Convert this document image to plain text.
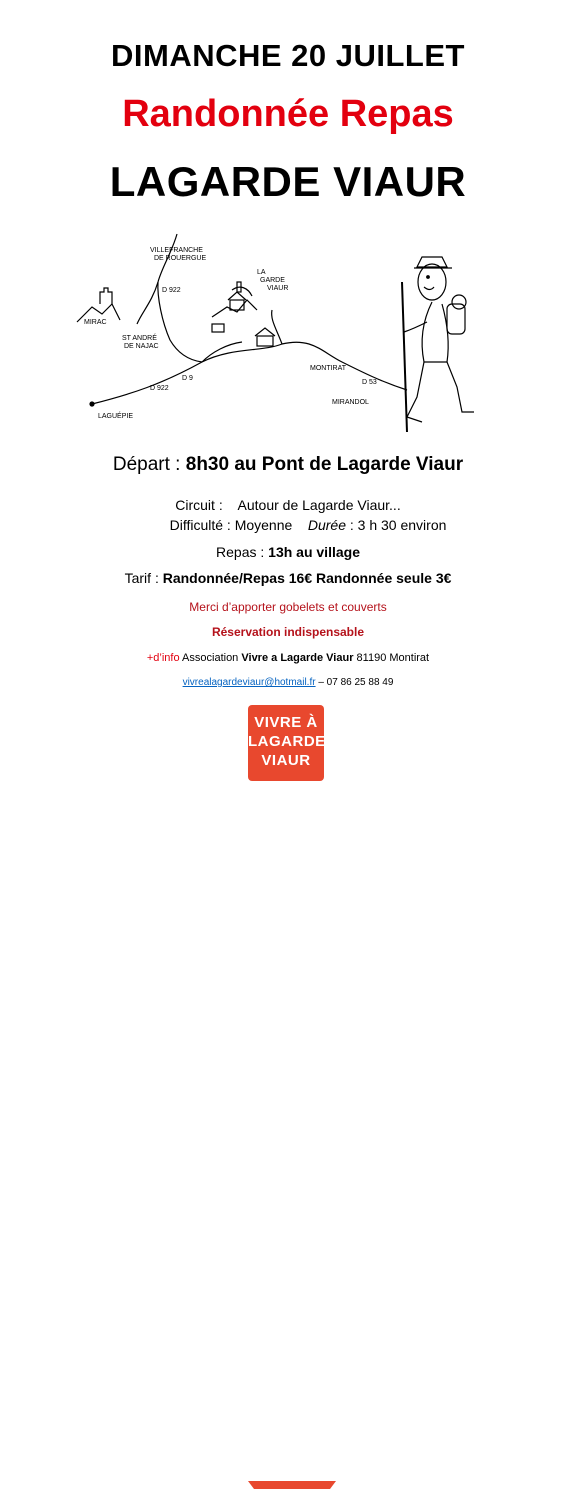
DIMANCHE 20 JUILLET
Randonnée Repas
LAGARDE VIAUR
VILLEFRANCHE
DE ROUERGUE
D 922
LA
GARDE
VIAUR
MIRAC
ST ANDRÉ
DE NAJAC
MONTIRAT
D 9
D 922
D 53
MIRANDOL
LAGUÉPIE
Départ : 8h30 au Pont de Lagarde Viaur
Circuit : Autour de Lagarde Viaur...
Difficulté : Moyenne Durée : 3 h 30 environ
Repas : 13h au village
Tarif : Randonnée/Repas 16€ Randonnée seule 3€
Merci d’apporter gobelets et couverts
Réservation indispensable
+d’info Association Vivre a Lagarde Viaur 81190 Montirat
vivrealagardeviaur@hotmail.fr – 07 86 25 88 49
VIVRE À
LAGARDE
VIAUR
